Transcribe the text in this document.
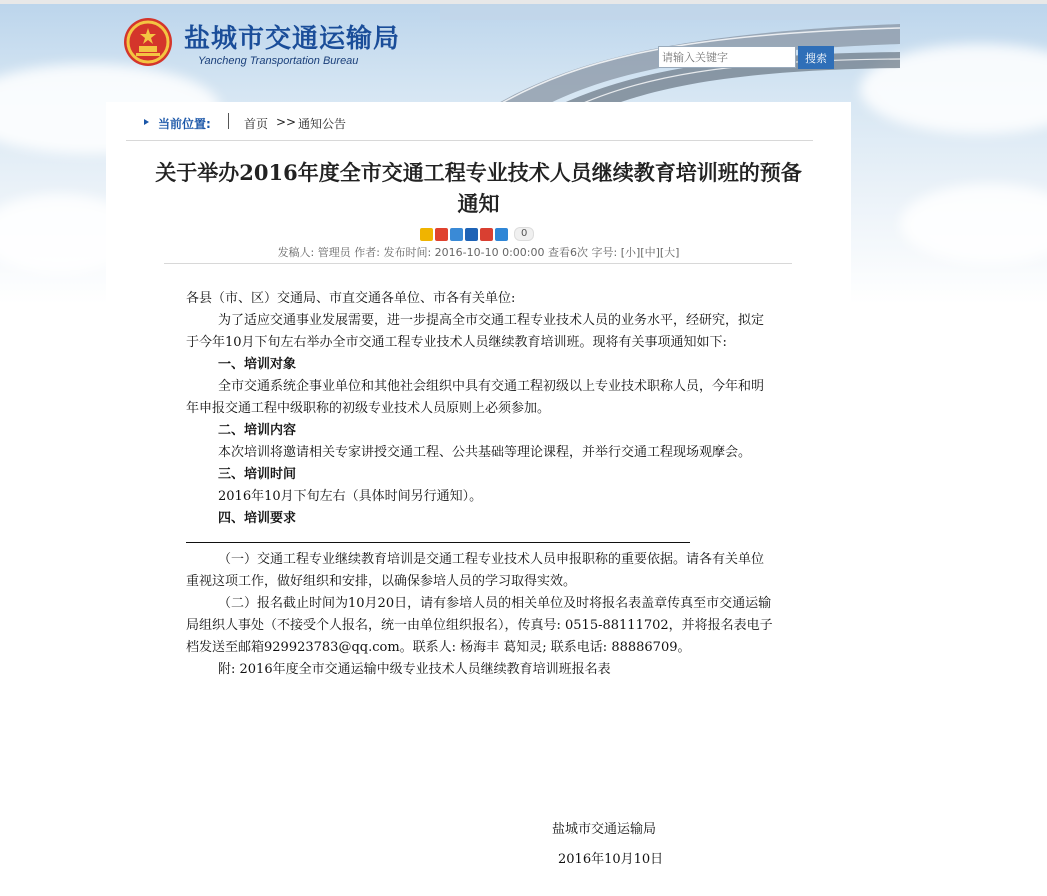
盐城市交通运输局
Yancheng Transportation Bureau
请输入关键字	搜索
当前位置:	首页 >> 通知公告
关于举办2016年度全市交通工程专业技术人员继续教育培训班的预备通知
0
发稿人: 管理员 作者: 发布时间: 2016-10-10 0:00:00 查看6次 字号: [小][中][大]

各县（市、区）交通局、市直交通各单位、市各有关单位:

为了适应交通事业发展需要，进一步提高全市交通工程专业技术人员的业务水平，经研究，拟定于今年10月下旬左右举办全市交通工程专业技术人员继续教育培训班。现将有关事项通知如下:

一、培训对象

全市交通系统企事业单位和其他社会组织中具有交通工程初级以上专业技术职称人员，今年和明年申报交通工程中级职称的初级专业技术人员原则上必须参加。

二、培训内容

本次培训将邀请相关专家讲授交通工程、公共基础等理论课程，并举行交通工程现场观摩会。

三、培训时间

2016年10月下旬左右（具体时间另行通知）。

四、培训要求

（一）交通工程专业继续教育培训是交通工程专业技术人员申报职称的重要依据。请各有关单位重视这项工作，做好组织和安排，以确保参培人员的学习取得实效。

（二）报名截止时间为10月20日，请有参培人员的相关单位及时将报名表盖章传真至市交通运输局组织人事处（不接受个人报名，统一由单位组织报名），传真号: 0515-88111702，并将报名表电子档发送至邮箱929923783@qq.com。联系人: 杨海丰 葛知灵; 联系电话: 88886709。

附: 2016年度全市交通运输中级专业技术人员继续教育培训班报名表

盐城市交通运输局
2016年10月10日
